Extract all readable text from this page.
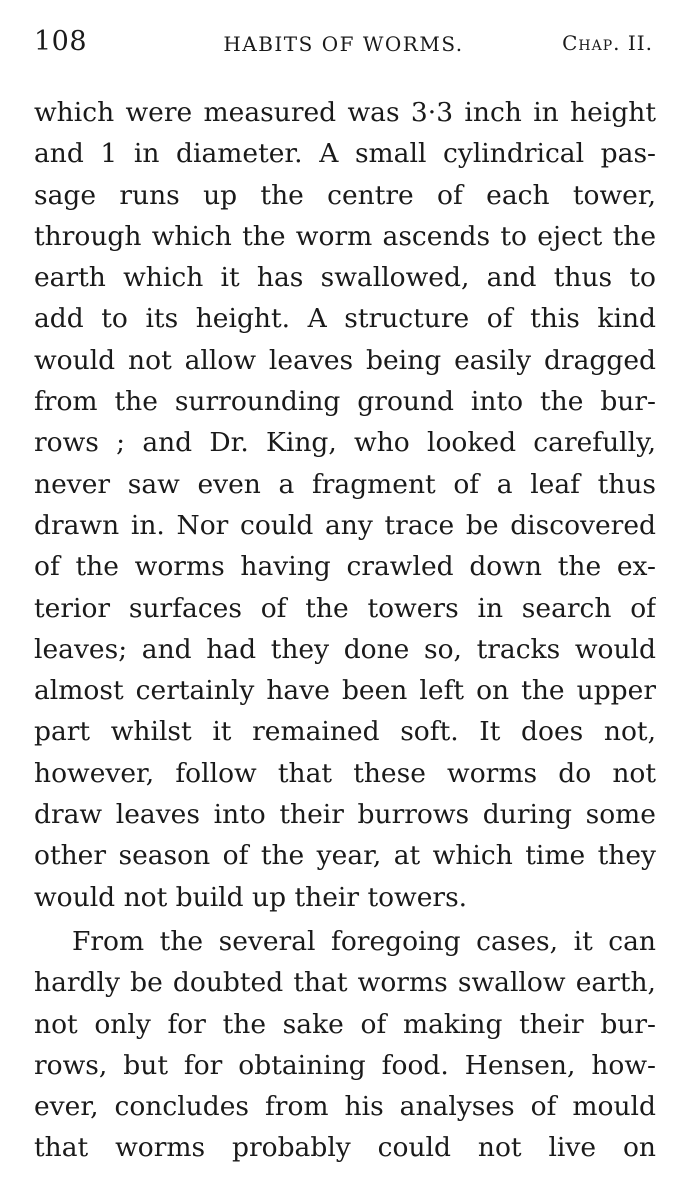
108	HABITS OF WORMS.	Chap. II.

which were measured was 3·3 inch in height
and 1 in diameter. A small cylindrical pas-
sage runs up the centre of each tower,
through which the worm ascends to eject the
earth which it has swallowed, and thus to
add to its height. A structure of this kind
would not allow leaves being easily dragged
from the surrounding ground into the bur-
rows ; and Dr. King, who looked carefully,
never saw even a fragment of a leaf thus
drawn in. Nor could any trace be discovered
of the worms having crawled down the ex-
terior surfaces of the towers in search of
leaves; and had they done so, tracks would
almost certainly have been left on the upper
part whilst it remained soft. It does not,
however, follow that these worms do not
draw leaves into their burrows during some
other season of the year, at which time they
would not build up their towers.

From the several foregoing cases, it can
hardly be doubted that worms swallow earth,
not only for the sake of making their bur-
rows, but for obtaining food. Hensen, how-
ever, concludes from his analyses of mould
that worms probably could not live on
